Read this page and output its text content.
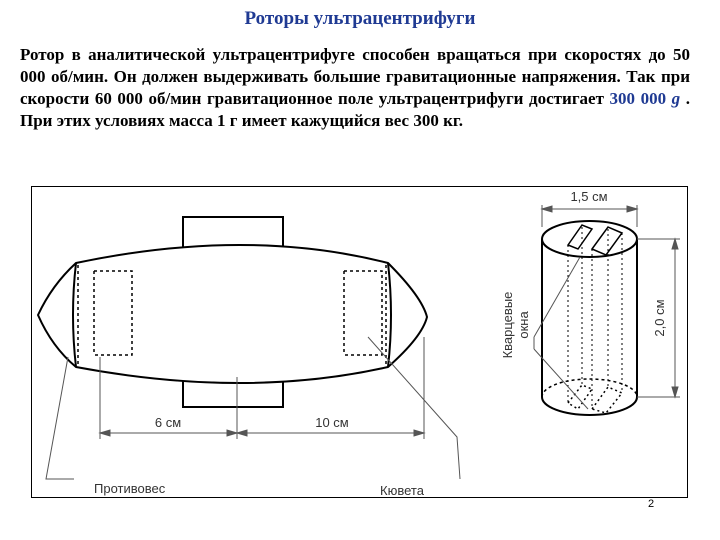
Роторы ультрацентрифуги
Ротор в аналитической ультрацентрифуге способен вращаться при скоростях до 50 000 об/мин. Он должен выдерживать большие гравитационные напряжения. Так при скорости 60 000 об/мин гравитационное поле ультрацентрифуги достигает 300 000 g . При этих условиях масса 1 г имеет кажущийся вес 300 кг.
6 см	10 см
Противовес	Кювета
1,5 см
2,0 см
Кварцевые окна
2
